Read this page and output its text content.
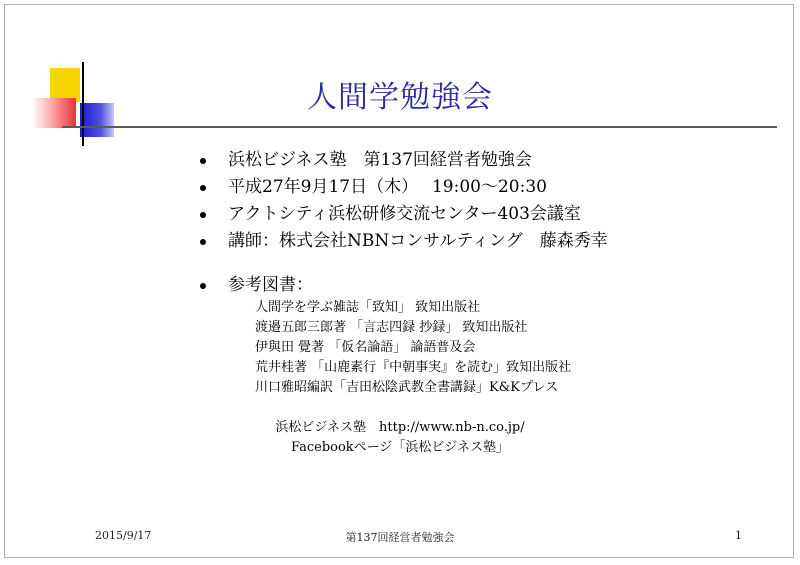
人間学勉強会
浜松ビジネス塾　第137回経営者勉強会
平成27年9月17日（木）　 19:00～20:30
アクトシティ浜松研修交流センター403会議室
講師：株式会社NBNコンサルティング　藤森秀幸
参考図書：
人間学を学ぶ雑誌「致知」 致知出版社
渡邉五郎三郎著 「言志四録 抄録」 致知出版社
伊與田 覺著 「仮名論語」 論語普及会
荒井桂著 「山鹿素行『中朝事実』を読む」致知出版社
川口雅昭編訳「吉田松陰武教全書講録」K&Kプレス
浜松ビジネス塾　http://www.nb-n.co.jp/
Facebookページ「浜松ビジネス塾」
2015/9/17	第137回経営者勉強会	1
